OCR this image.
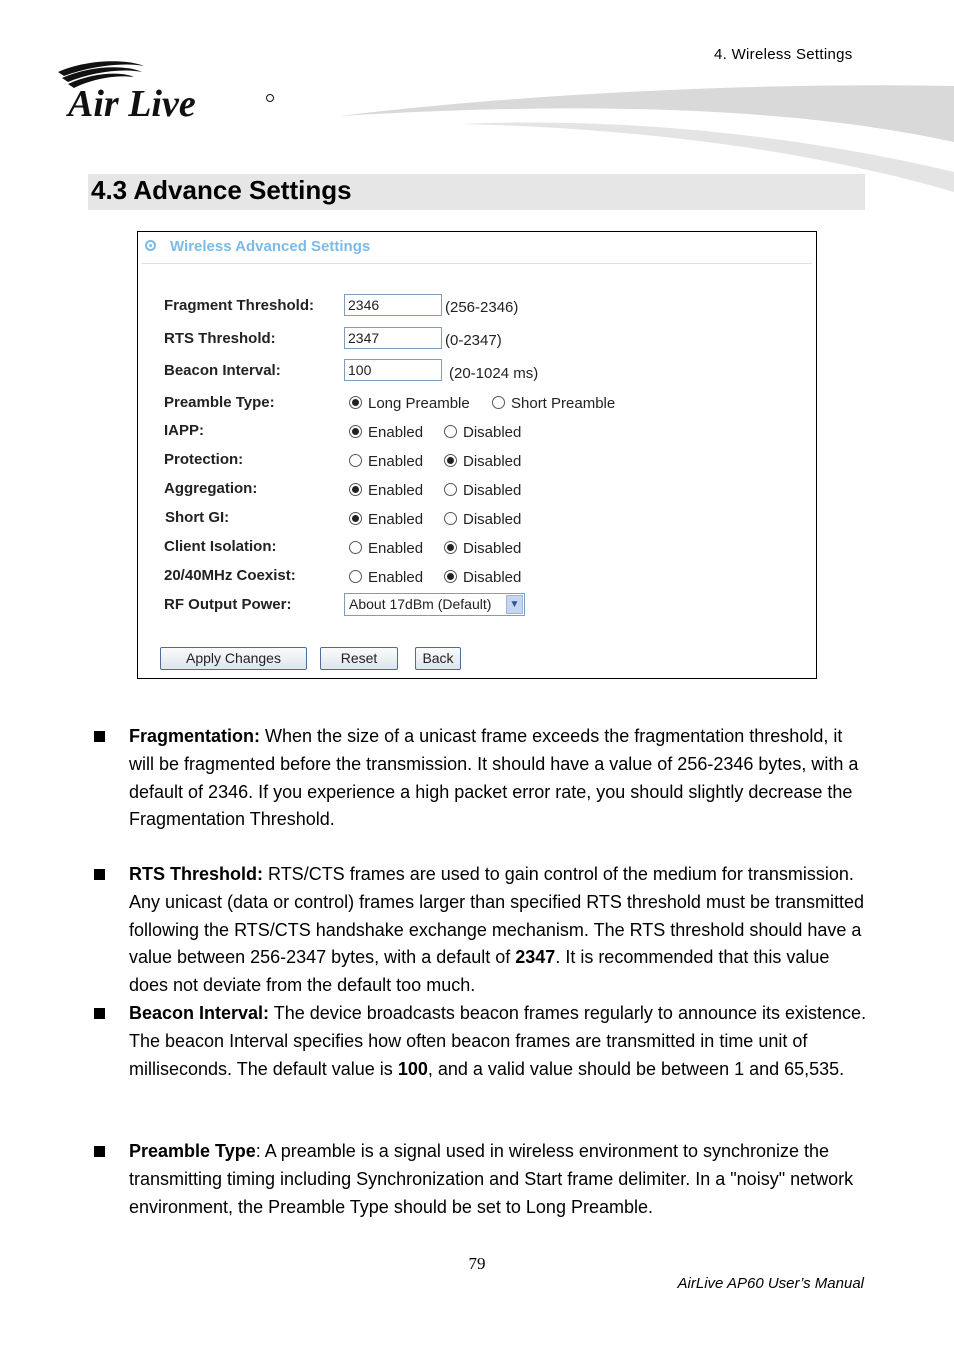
4. Wireless Settings
Air Live
4.3 Advance Settings
Wireless Advanced Settings
Fragment Threshold: 2346	(256-2346)
RTS Threshold:	2347	(0-2347)
Beacon Interval:	100	(20-1024 ms)
Preamble Type:	Long Preamble	Short Preamble
IAPP:	Enabled	Disabled
Protection:	Enabled	Disabled
Aggregation:	Enabled	Disabled
Short GI:	Enabled	Disabled
Client Isolation:	Enabled	Disabled
20/40MHz Coexist:	Enabled	Disabled
RF Output Power:	About 17dBm (Default)	▼
Apply Changes	Reset	Back
Fragmentation: When the size of a unicast frame exceeds the fragmentation threshold, it will be fragmented before the transmission. It should have a value of 256-2346 bytes, with a default of 2346. If you experience a high packet error rate, you should slightly decrease the Fragmentation Threshold.
RTS Threshold: RTS/CTS frames are used to gain control of the medium for transmission. Any unicast (data or control) frames larger than specified RTS threshold must be transmitted following the RTS/CTS handshake exchange mechanism. The RTS threshold should have a value between 256-2347 bytes, with a default of 2347. It is recommended that this value does not deviate from the default too much.
Beacon Interval: The device broadcasts beacon frames regularly to announce its existence. The beacon Interval specifies how often beacon frames are transmitted in time unit of milliseconds. The default value is 100, and a valid value should be between 1 and 65,535.
Preamble Type: A preamble is a signal used in wireless environment to synchronize the transmitting timing including Synchronization and Start frame delimiter. In a "noisy" network environment, the Preamble Type should be set to Long Preamble.
79
AirLive AP60 User’s Manual
